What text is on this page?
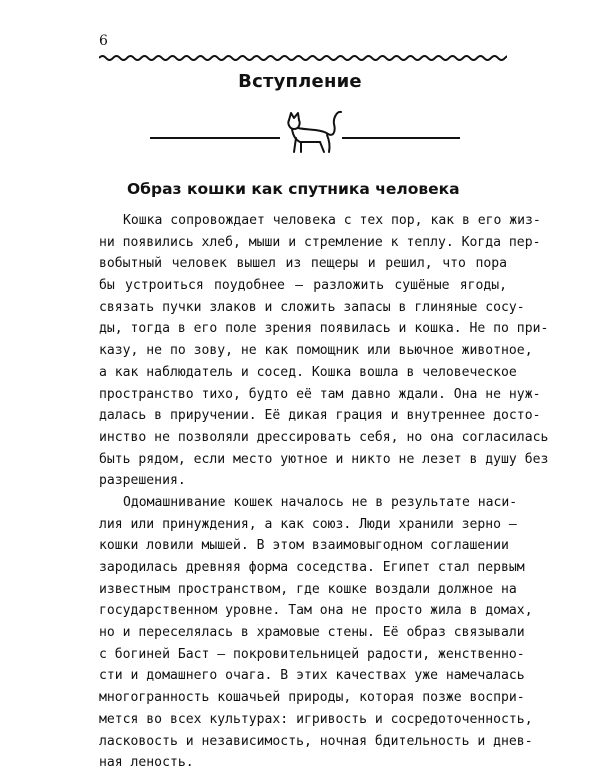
6
Вступление
Образ кошки как спутника человека
Кошка сопровождает человека с тех пор, как в его жиз-
ни появились хлеб, мыши и стремление к теплу. Когда пер-
вобытный человек вышел из пещеры и решил, что пора
бы устроиться поудобнее — разложить сушёные ягоды,
связать пучки злаков и сложить запасы в глиняные сосу-
ды, тогда в его поле зрения появилась и кошка. Не по при-
казу, не по зову, не как помощник или вьючное животное,
а как наблюдатель и сосед. Кошка вошла в человеческое
пространство тихо, будто её там давно ждали. Она не нуж-
далась в приручении. Её дикая грация и внутреннее досто-
инство не позволяли дрессировать себя, но она согласилась
быть рядом, если место уютное и никто не лезет в душу без
разрешения.
Одомашнивание кошек началось не в результате наси-
лия или принуждения, а как союз. Люди хранили зерно —
кошки ловили мышей. В этом взаимовыгодном соглашении
зародилась древняя форма соседства. Египет стал первым
известным пространством, где кошке воздали должное на
государственном уровне. Там она не просто жила в домах,
но и переселялась в храмовые стены. Её образ связывали
с богиней Баст — покровительницей радости, женственно-
сти и домашнего очага. В этих качествах уже намечалась
многогранность кошачьей природы, которая позже воспри-
мется во всех культурах: игривость и сосредоточенность,
ласковость и независимость, ночная бдительность и днев-
ная леность.
